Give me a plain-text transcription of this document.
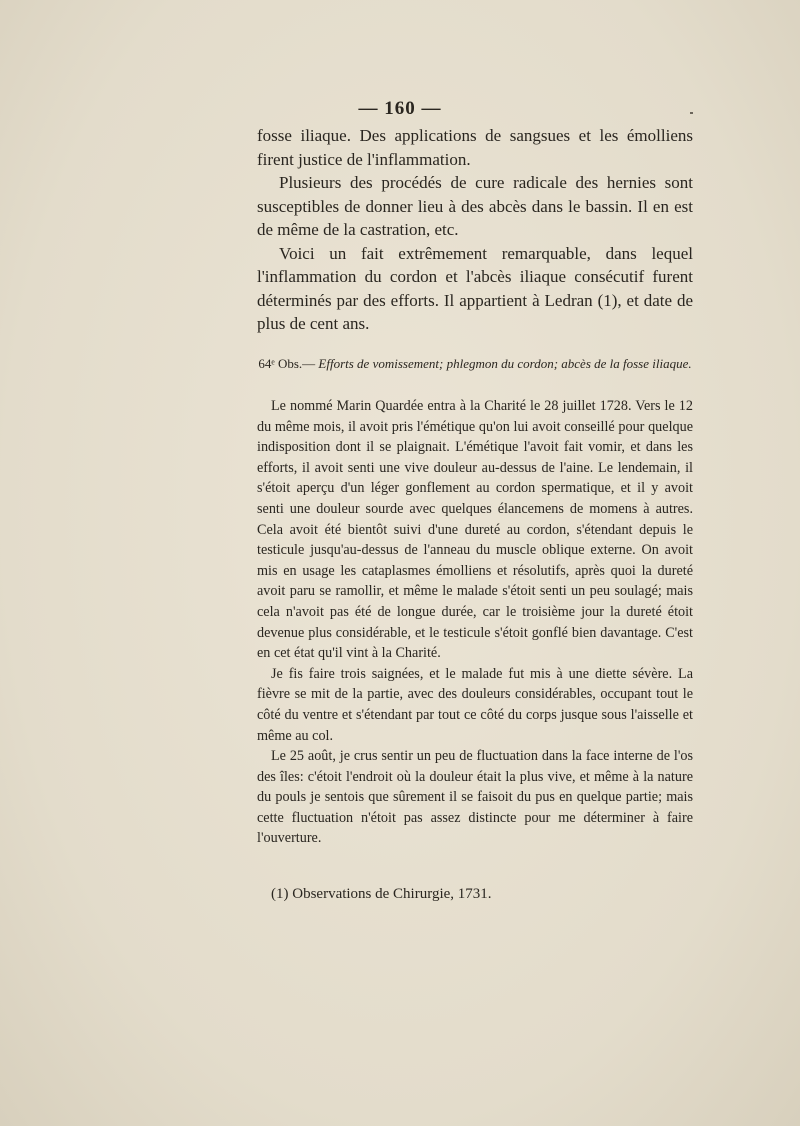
— 160 —

fosse iliaque. Des applications de sangsues et les émolliens firent justice de l'inflammation.

Plusieurs des procédés de cure radicale des hernies sont susceptibles de donner lieu à des abcès dans le bassin. Il en est de même de la castration, etc.

Voici un fait extrêmement remarquable, dans lequel l'inflammation du cordon et l'abcès iliaque consécutif furent déterminés par des efforts. Il appartient à Ledran (1), et date de plus de cent ans.

64ᵉ Obs.— Efforts de vomissement; phlegmon du cordon; abcès de la fosse iliaque.

Le nommé Marin Quardée entra à la Charité le 28 juillet 1728. Vers le 12 du même mois, il avoit pris l'émétique qu'on lui avoit conseillé pour quelque indisposition dont il se plaignait. L'émétique l'avoit fait vomir, et dans les efforts, il avoit senti une vive douleur au-dessus de l'aine. Le lendemain, il s'étoit aperçu d'un léger gonflement au cordon spermatique, et il y avoit senti une douleur sourde avec quelques élancemens de momens à autres. Cela avoit été bientôt suivi d'une dureté au cordon, s'étendant depuis le testicule jusqu'au-dessus de l'anneau du muscle oblique externe. On avoit mis en usage les cataplasmes émolliens et résolutifs, après quoi la dureté avoit paru se ramollir, et même le malade s'étoit senti un peu soulagé; mais cela n'avoit pas été de longue durée, car le troisième jour la dureté étoit devenue plus considérable, et le testicule s'étoit gonflé bien davantage. C'est en cet état qu'il vint à la Charité.

Je fis faire trois saignées, et le malade fut mis à une diette sévère. La fièvre se mit de la partie, avec des douleurs considérables, occupant tout le côté du ventre et s'étendant par tout ce côté du corps jusque sous l'aisselle et même au col.

Le 25 août, je crus sentir un peu de fluctuation dans la face interne de l'os des îles: c'étoit l'endroit où la douleur était la plus vive, et même à la nature du pouls je sentois que sûrement il se faisoit du pus en quelque partie; mais cette fluctuation n'étoit pas assez distincte pour me déterminer à faire l'ouverture.

(1) Observations de Chirurgie, 1731.
